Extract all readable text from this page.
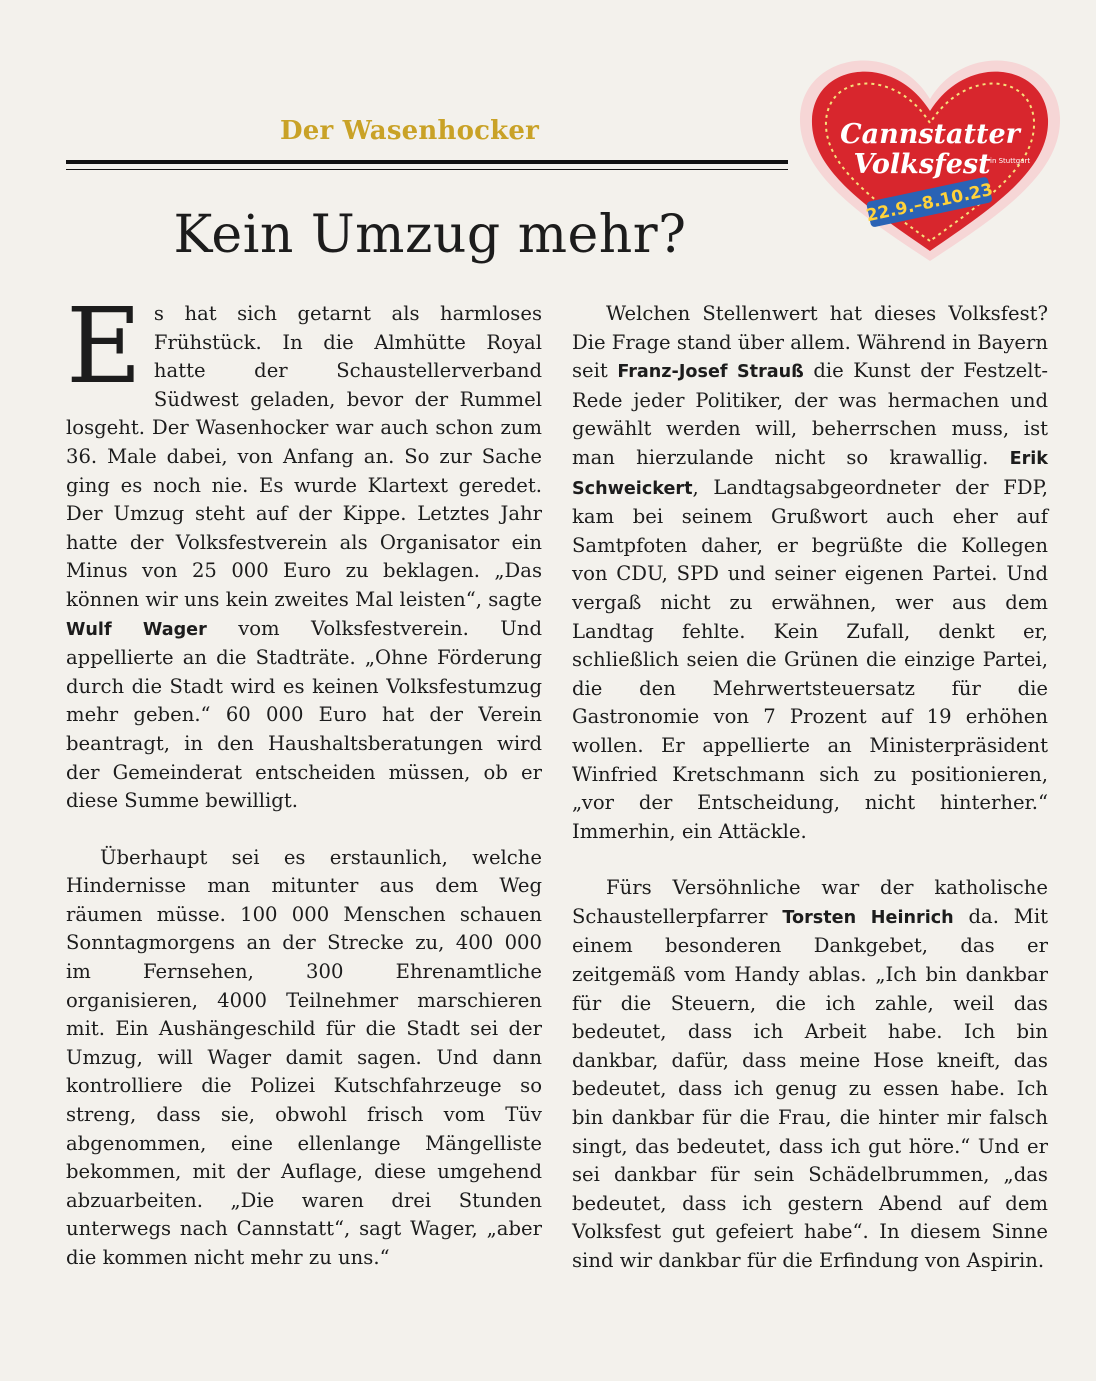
Cannstatter
Volksfest in Stuttgart
22.9.–8.10.23
Der Wasenhocker
Kein Umzug mehr?

E s hat sich getarnt als harmloses Frühstück. In die Almhütte Royal hatte der Schaustellerverband Südwest geladen, bevor der Rummel losgeht. Der Wasenhocker war auch schon zum 36. Male dabei, von Anfang an. So zur Sache ging es noch nie. Es wurde Klartext geredet. Der Umzug steht auf der Kippe. Letztes Jahr hatte der Volksfestverein als Organisator ein Minus von 25 000 Euro zu beklagen. „Das können wir uns kein zweites Mal leisten“, sagte Wulf Wager vom Volksfestverein. Und appellierte an die Stadträte. „Ohne Förderung durch die Stadt wird es keinen Volksfestumzug mehr geben.“ 60 000 Euro hat der Verein beantragt, in den Haushaltsberatungen wird der Gemeinderat entscheiden müssen, ob er diese Summe bewilligt.

Überhaupt sei es erstaunlich, welche Hindernisse man mitunter aus dem Weg räumen müsse. 100 000 Menschen schauen Sonntagmorgens an der Strecke zu, 400 000 im Fernsehen, 300 Ehrenamtliche organisieren, 4000 Teilnehmer marschieren mit. Ein Aushängeschild für die Stadt sei der Umzug, will Wager damit sagen. Und dann kontrolliere die Polizei Kutschfahrzeuge so streng, dass sie, obwohl frisch vom Tüv abgenommen, eine ellenlange Mängelliste bekommen, mit der Auflage, diese umgehend abzuarbeiten. „Die waren drei Stunden unterwegs nach Cannstatt“, sagt Wager, „aber die kommen nicht mehr zu uns.“

Welchen Stellenwert hat dieses Volksfest? Die Frage stand über allem. Während in Bayern seit Franz-Josef Strauß die Kunst der Festzelt-Rede jeder Politiker, der was hermachen und gewählt werden will, beherrschen muss, ist man hierzulande nicht so krawallig. Erik Schweickert, Landtagsabgeordneter der FDP, kam bei seinem Grußwort auch eher auf Samtpfoten daher, er begrüßte die Kollegen von CDU, SPD und seiner eigenen Partei. Und vergaß nicht zu erwähnen, wer aus dem Landtag fehlte. Kein Zufall, denkt er, schließlich seien die Grünen die einzige Partei, die den Mehrwertsteuersatz für die Gastronomie von 7 Prozent auf 19 erhöhen wollen. Er appellierte an Ministerpräsident Winfried Kretschmann sich zu positionieren, „vor der Entscheidung, nicht hinterher.“ Immerhin, ein Attäckle.

Fürs Versöhnliche war der katholische Schaustellerpfarrer Torsten Heinrich da. Mit einem besonderen Dankgebet, das er zeitgemäß vom Handy ablas. „Ich bin dankbar für die Steuern, die ich zahle, weil das bedeutet, dass ich Arbeit habe. Ich bin dankbar, dafür, dass meine Hose kneift, das bedeutet, dass ich genug zu essen habe. Ich bin dankbar für die Frau, die hinter mir falsch singt, das bedeutet, dass ich gut höre.“ Und er sei dankbar für sein Schädelbrummen, „das bedeutet, dass ich gestern Abend auf dem Volksfest gut gefeiert habe“. In diesem Sinne sind wir dankbar für die Erfindung von Aspirin.
